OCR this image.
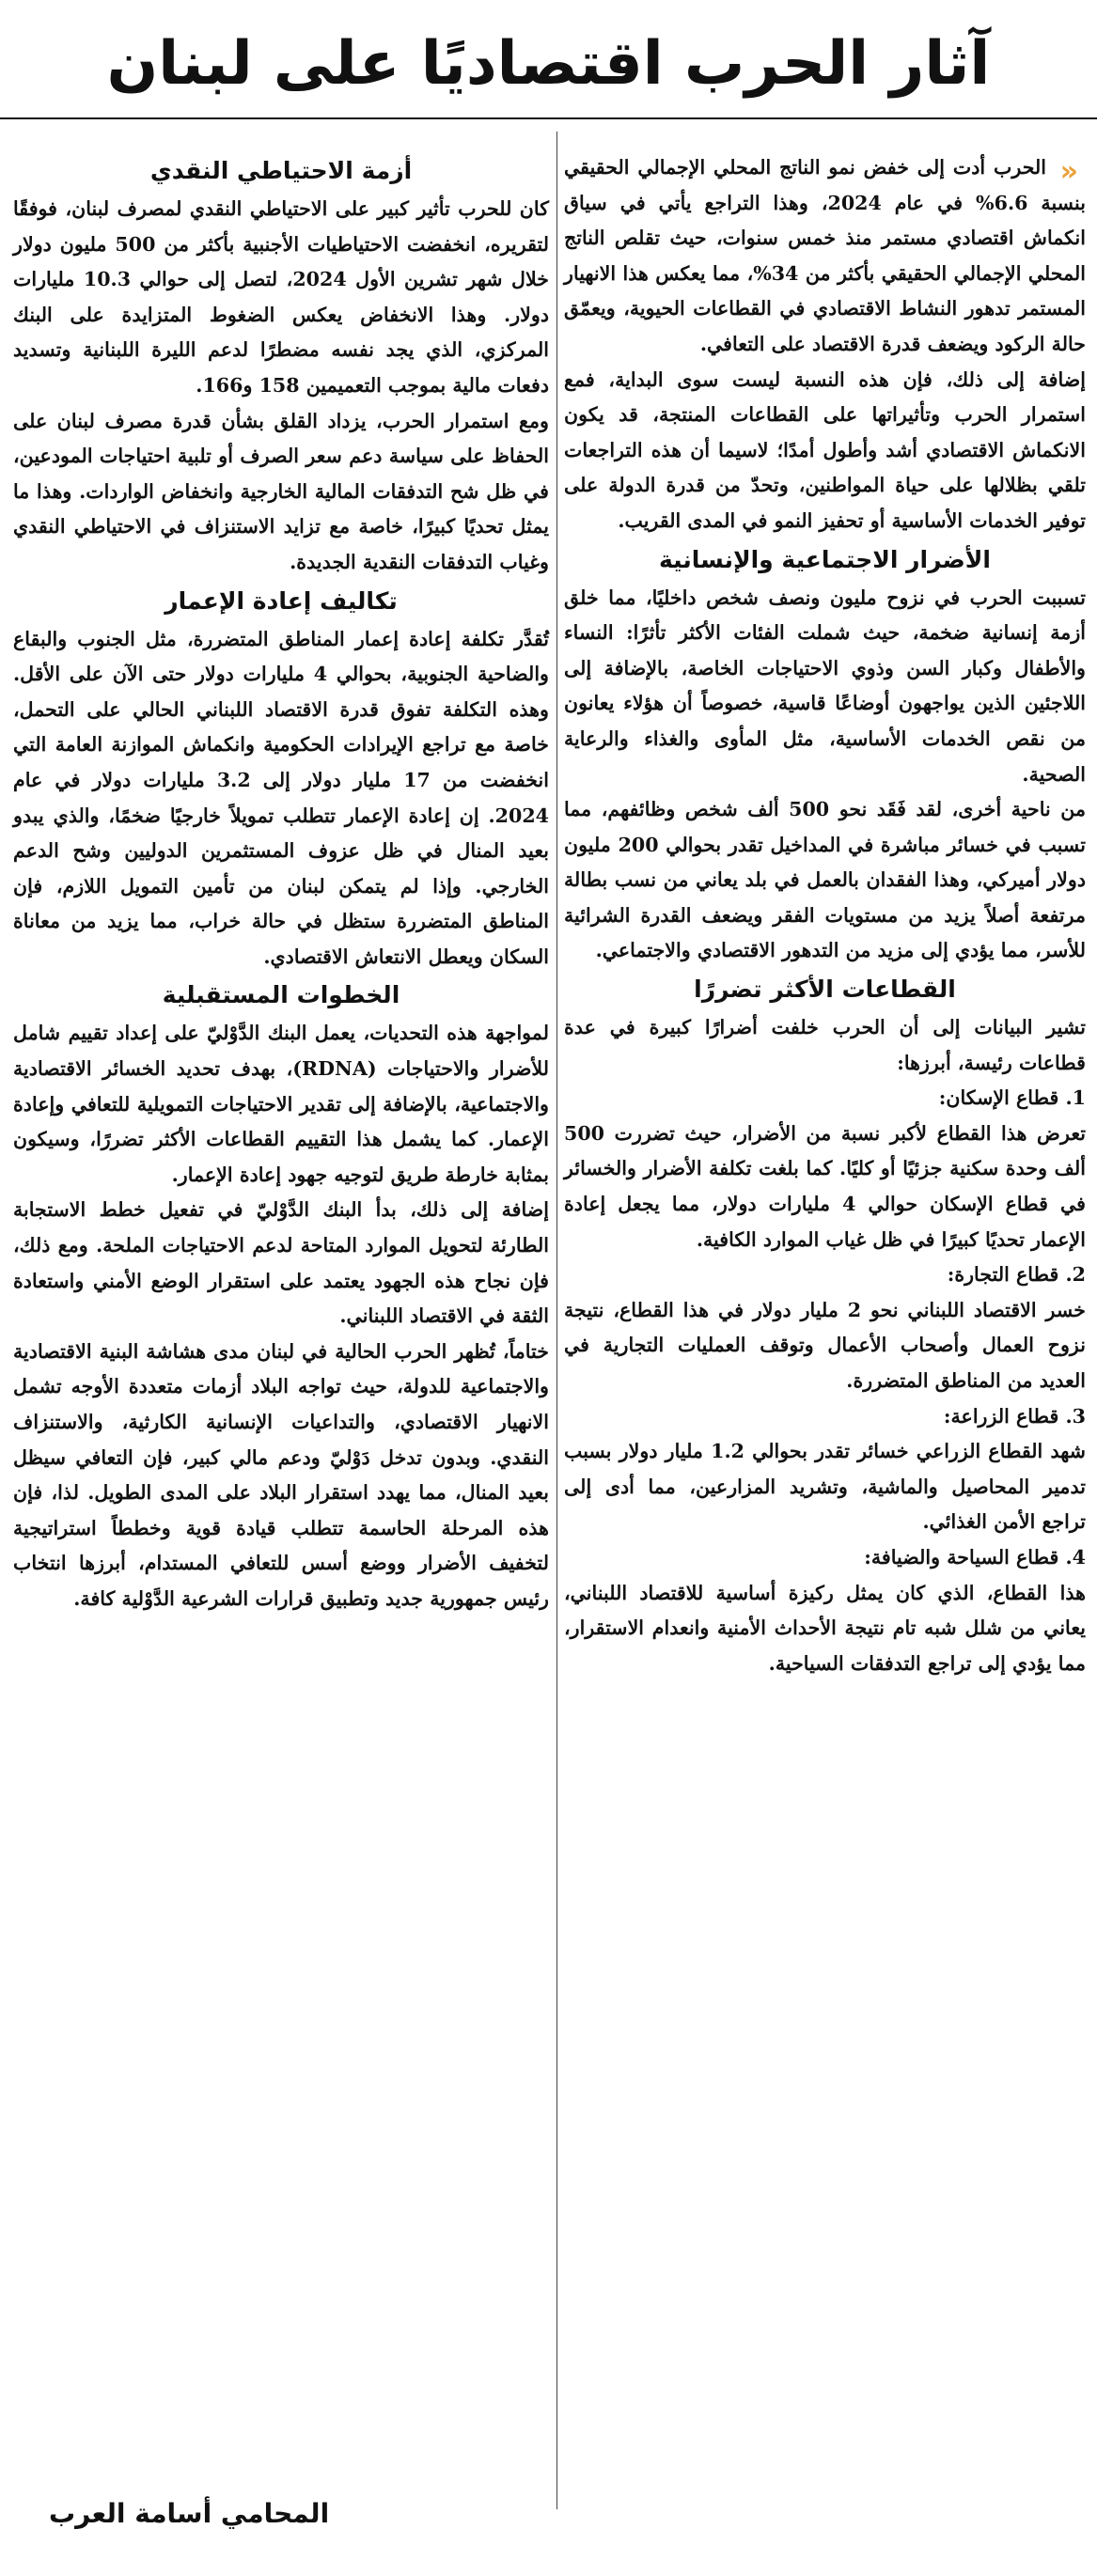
آثار الحرب اقتصاديًا على لبنان
«

الحرب أدت إلى خفض نمو الناتج المحلي الإجمالي الحقيقي بنسبة 6.6% في عام 2024، وهذا التراجع يأتي في سياق انكماش اقتصادي مستمر منذ خمس سنوات، حيث تقلص الناتج المحلي الإجمالي الحقيقي بأكثر من 34%، مما يعكس هذا الانهيار المستمر تدهور النشاط الاقتصادي في القطاعات الحيوية، ويعمّق حالة الركود ويضعف قدرة الاقتصاد على التعافي.

إضافة إلى ذلك، فإن هذه النسبة ليست سوى البداية، فمع استمرار الحرب وتأثيراتها على القطاعات المنتجة، قد يكون الانكماش الاقتصادي أشد وأطول أمدًا؛ لاسيما أن هذه التراجعات تلقي بظلالها على حياة المواطنين، وتحدّ من قدرة الدولة على توفير الخدمات الأساسية أو تحفيز النمو في المدى القريب.

الأضرار الاجتماعية والإنسانية

تسببت الحرب في نزوح مليون ونصف شخص داخليًا، مما خلق أزمة إنسانية ضخمة، حيث شملت الفئات الأكثر تأثرًا: النساء والأطفال وكبار السن وذوي الاحتياجات الخاصة، بالإضافة إلى اللاجئين الذين يواجهون أوضاعًا قاسية، خصوصاً أن هؤلاء يعانون من نقص الخدمات الأساسية، مثل المأوى والغذاء والرعاية الصحية.

من ناحية أخرى، لقد فَقَد نحو 500 ألف شخص وظائفهم، مما تسبب في خسائر مباشرة في المداخيل تقدر بحوالي 200 مليون دولار أميركي، وهذا الفقدان بالعمل في بلد يعاني من نسب بطالة مرتفعة أصلاً يزيد من مستويات الفقر ويضعف القدرة الشرائية للأسر، مما يؤدي إلى مزيد من التدهور الاقتصادي والاجتماعي.

القطاعات الأكثر تضررًا

تشير البيانات إلى أن الحرب خلفت أضرارًا كبيرة في عدة قطاعات رئيسة، أبرزها:

1. قطاع الإسكان:

تعرض هذا القطاع لأكبر نسبة من الأضرار، حيث تضررت 500 ألف وحدة سكنية جزئيًا أو كليًا. كما بلغت تكلفة الأضرار والخسائر في قطاع الإسكان حوالي 4 مليارات دولار، مما يجعل إعادة الإعمار تحديًا كبيرًا في ظل غياب الموارد الكافية.

2. قطاع التجارة:

خسر الاقتصاد اللبناني نحو 2 مليار دولار في هذا القطاع، نتيجة نزوح العمال وأصحاب الأعمال وتوقف العمليات التجارية في العديد من المناطق المتضررة.

3. قطاع الزراعة:

شهد القطاع الزراعي خسائر تقدر بحوالي 1.2 مليار دولار بسبب تدمير المحاصيل والماشية، وتشريد المزارعين، مما أدى إلى تراجع الأمن الغذائي.

4. قطاع السياحة والضيافة:

هذا القطاع، الذي كان يمثل ركيزة أساسية للاقتصاد اللبناني، يعاني من شلل شبه تام نتيجة الأحداث الأمنية وانعدام الاستقرار، مما يؤدي إلى تراجع التدفقات السياحية.

أزمة الاحتياطي النقدي

كان للحرب تأثير كبير على الاحتياطي النقدي لمصرف لبنان، فوفقًا لتقريره، انخفضت الاحتياطيات الأجنبية بأكثر من 500 مليون دولار خلال شهر تشرين الأول 2024، لتصل إلى حوالي 10.3 مليارات دولار. وهذا الانخفاض يعكس الضغوط المتزايدة على البنك المركزي، الذي يجد نفسه مضطرًا لدعم الليرة اللبنانية وتسديد دفعات مالية بموجب التعميمين 158 و166.

ومع استمرار الحرب، يزداد القلق بشأن قدرة مصرف لبنان على الحفاظ على سياسة دعم سعر الصرف أو تلبية احتياجات المودعين، في ظل شح التدفقات المالية الخارجية وانخفاض الواردات. وهذا ما يمثل تحديًا كبيرًا، خاصة مع تزايد الاستنزاف في الاحتياطي النقدي وغياب التدفقات النقدية الجديدة.

تكاليف إعادة الإعمار

تُقدَّر تكلفة إعادة إعمار المناطق المتضررة، مثل الجنوب والبقاع والضاحية الجنوبية، بحوالي 4 مليارات دولار حتى الآن على الأقل. وهذه التكلفة تفوق قدرة الاقتصاد اللبناني الحالي على التحمل، خاصة مع تراجع الإيرادات الحكومية وانكماش الموازنة العامة التي انخفضت من 17 مليار دولار إلى 3.2 مليارات دولار في عام 2024. إن إعادة الإعمار تتطلب تمويلاً خارجيًا ضخمًا، والذي يبدو بعيد المنال في ظل عزوف المستثمرين الدوليين وشح الدعم الخارجي. وإذا لم يتمكن لبنان من تأمين التمويل اللازم، فإن المناطق المتضررة ستظل في حالة خراب، مما يزيد من معاناة السكان ويعطل الانتعاش الاقتصادي.

الخطوات المستقبلية

لمواجهة هذه التحديات، يعمل البنك الدَّوْليّ على إعداد تقييم شامل للأضرار والاحتياجات (RDNA)، بهدف تحديد الخسائر الاقتصادية والاجتماعية، بالإضافة إلى تقدير الاحتياجات التمويلية للتعافي وإعادة الإعمار. كما يشمل هذا التقييم القطاعات الأكثر تضررًا، وسيكون بمثابة خارطة طريق لتوجيه جهود إعادة الإعمار.

إضافة إلى ذلك، بدأ البنك الدَّوْليّ في تفعيل خطط الاستجابة الطارئة لتحويل الموارد المتاحة لدعم الاحتياجات الملحة. ومع ذلك، فإن نجاح هذه الجهود يعتمد على استقرار الوضع الأمني واستعادة الثقة في الاقتصاد اللبناني.

ختاماً، تُظهر الحرب الحالية في لبنان مدى هشاشة البنية الاقتصادية والاجتماعية للدولة، حيث تواجه البلاد أزمات متعددة الأوجه تشمل الانهيار الاقتصادي، والتداعيات الإنسانية الكارثية، والاستنزاف النقدي. وبدون تدخل دَوْليّ ودعم مالي كبير، فإن التعافي سيظل بعيد المنال، مما يهدد استقرار البلاد على المدى الطويل. لذا، فإن هذه المرحلة الحاسمة تتطلب قيادة قوية وخططاً استراتيجية لتخفيف الأضرار ووضع أسس للتعافي المستدام، أبرزها انتخاب رئيس جمهورية جديد وتطبيق قرارات الشرعية الدَّوْلية كافة.

المحامي أسامة العرب
